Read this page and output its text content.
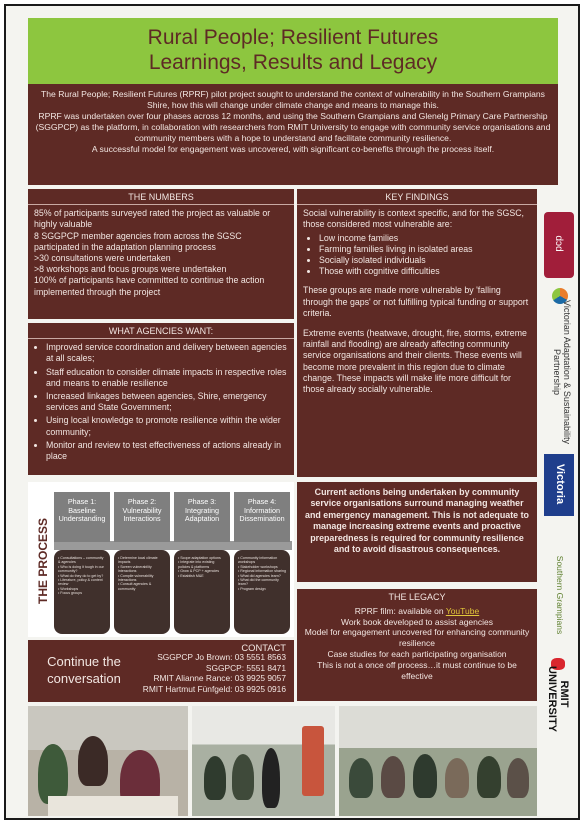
Rural People; Resilient Futures
Learnings, Results and Legacy

The Rural People; Resilient Futures (RPRF) pilot project sought to understand the context of vulnerability in the Southern Grampians Shire, how this will change under climate change and means to manage this.

RPRF was undertaken over four phases across 12 months, and using the Southern Grampians and Glenelg Primary Care Partnership (SGGPCP) as the platform, in collaboration with researchers from RMIT University to engage with community service organisations and community members with a hope to understand and facilitate community resilience.

A successful model for engagement was uncovered, with significant co-benefits through the process itself.

THE NUMBERS

85% of participants surveyed rated the project as valuable or highly valuable

8 SGGPCP member agencies from across the SGSC participated in the adaptation planning process

>30 consultations were undertaken

>8 workshops and focus groups were undertaken

100% of participants have committed to continue the action implemented through the project

WHAT AGENCIES WANT:
• Improved service coordination and delivery between agencies at all scales;
• Staff education to consider climate impacts in respective roles and means to enable resilience
• Increased linkages between agencies, Shire, emergency services and State Government;
• Using local knowledge to promote resilience within the wider community;
• Monitor and review to test effectiveness of actions already in place
KEY FINDINGS

Social vulnerability is context specific, and for the SGSC, those considered most vulnerable are:

• Low income families
• Farming families living in isolated areas
• Socially isolated individuals
• Those with cognitive difficulties

These groups are made more vulnerable by 'falling through the gaps' or not fulfilling typical funding or support criteria.

Extreme events (heatwave, drought, fire, storms, extreme rainfall and flooding) are already affecting community service organisations and their clients. These events will become more prevalent in this region due to climate change. These impacts will make life more difficult for those already socially vulnerable.

Current actions being undertaken by community service organisations surround managing weather and emergency management. This is not adequate to manage increasing extreme events and proactive preparedness is required for community resilience and to avoid disastrous consequences.

THE PROCESS
Phase 1: Baseline Understanding
Phase 2: Vulnerability Interactions
Phase 3: Integrating Adaptation
Phase 4: Information Dissemination
• Consultations – community & agencies
• Who is doing it tough in our community?
• What do they do to get by?
• Literature, policy & context review
• Workshops
• Focus groups
• Determine local climate impacts
• Screen vulnerability interactions
• Compile vulnerability interactions
• Consult agencies & community
• Scope adaptation options
• Integrate into existing policies & platforms
• Grow & PCP + agencies
• Establish M&E
• Community information workshops
• Stakeholder workshops
• Regional information sharing
• What did agencies learn?
• What did the community learn?
• Program design
THE LEGACY
RPRF film: available on YouTube
Work book developed to assist agencies
Model for engagement uncovered for enhancing community resilience
Case studies for each participating organisation
This is not a once off process…it must continue to be effective
Continue the conversation
CONTACT
SGGPCP Jo Brown: 03 5551 8563
SGGPCP: 5551 8471
RMIT Alianne Rance: 03 9925 9057
RMIT Hartmut Fünfgeld: 03 9925 0916
pcp
Victorian Adaptation & Sustainability Partnership
Victoria
Southern Grampians
RMIT UNIVERSITY
